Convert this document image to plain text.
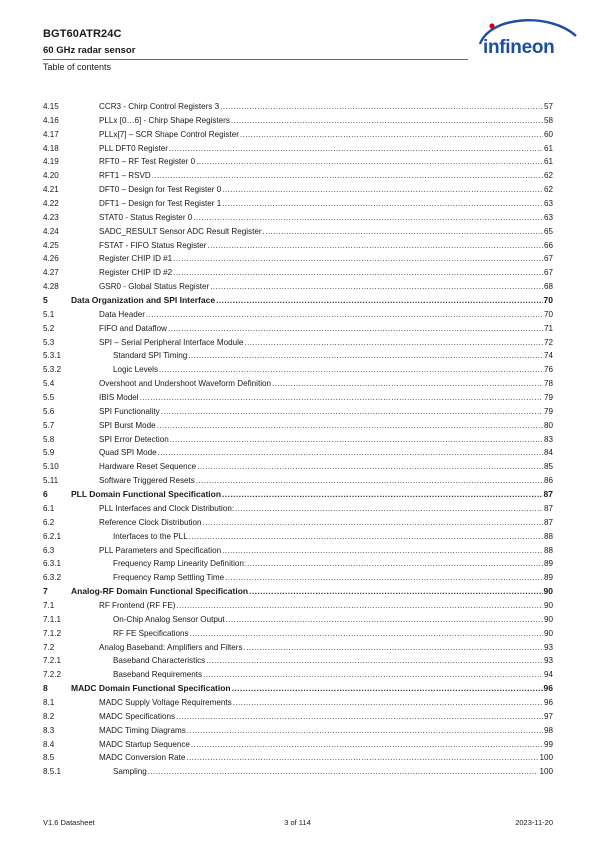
BGT60ATR24C
60 GHz radar sensor
Table of contents
infineon
4.15	CCR3 - Chirp Control Registers 3 .....	57
4.16	PLLx [0…6] - Chirp Shape Registers .....	58
4.17	PLLx[7] – SCR Shape Control Register .....	60
4.18	PLL DFT0 Register .....	61
4.19	RFT0 – RF Test Register 0 .....	61
4.20	RFT1 – RSVD .....	62
4.21	DFT0 – Design for Test Register 0 .....	62
4.22	DFT1 – Design for Test Register 1 .....	63
4.23	STAT0 - Status Register 0 .....	63
4.24	SADC_RESULT Sensor ADC Result Register .....	65
4.25	FSTAT - FIFO Status Register .....	66
4.26	Register CHIP ID #1 .....	67
4.27	Register CHIP ID #2 .....	67
4.28	GSR0 - Global Status Register .....	68
5	Data Organization and SPI Interface .....	70
5.1	Data Header .....	70
5.2	FIFO and Dataflow .....	71
5.3	SPI – Serial Peripheral Interface Module .....	72
5.3.1	Standard SPI Timing .....	74
5.3.2	Logic Levels .....	76
5.4	Overshoot and Undershoot Waveform Definition .....	78
5.5	IBIS Model .....	79
5.6	SPI Functionality .....	79
5.7	SPI Burst Mode .....	80
5.8	SPI Error Detection .....	83
5.9	Quad SPI Mode .....	84
5.10	Hardware Reset Sequence .....	85
5.11	Software Triggered Resets .....	86
6	PLL Domain Functional Specification .....	87
6.1	PLL Interfaces and Clock Distribution: .....	87
6.2	Reference Clock Distribution .....	87
6.2.1	Interfaces to the PLL .....	88
6.3	PLL Parameters and Specification .....	88
6.3.1	Frequency Ramp Linearity Definition: .....	89
6.3.2	Frequency Ramp Settling Time .....	89
7	Analog-RF Domain Functional Specification .....	90
7.1	RF Frontend (RF FE) .....	90
7.1.1	On-Chip Analog Sensor Output .....	90
7.1.2	RF FE Specifications .....	90
7.2	Analog Baseband: Amplifiers and Filters .....	93
7.2.1	Baseband Characteristics .....	93
7.2.2	Baseband Requirements .....	94
8	MADC Domain Functional Specification .....	96
8.1	MADC Supply Voltage Requirements .....	96
8.2	MADC Specifications .....	97
8.3	MADC Timing Diagrams .....	98
8.4	MADC Startup Sequence .....	99
8.5	MADC Conversion Rate .....	100
8.5.1	Sampling .....	100
V1.6 Datasheet	3 of 114	2023-11-20
